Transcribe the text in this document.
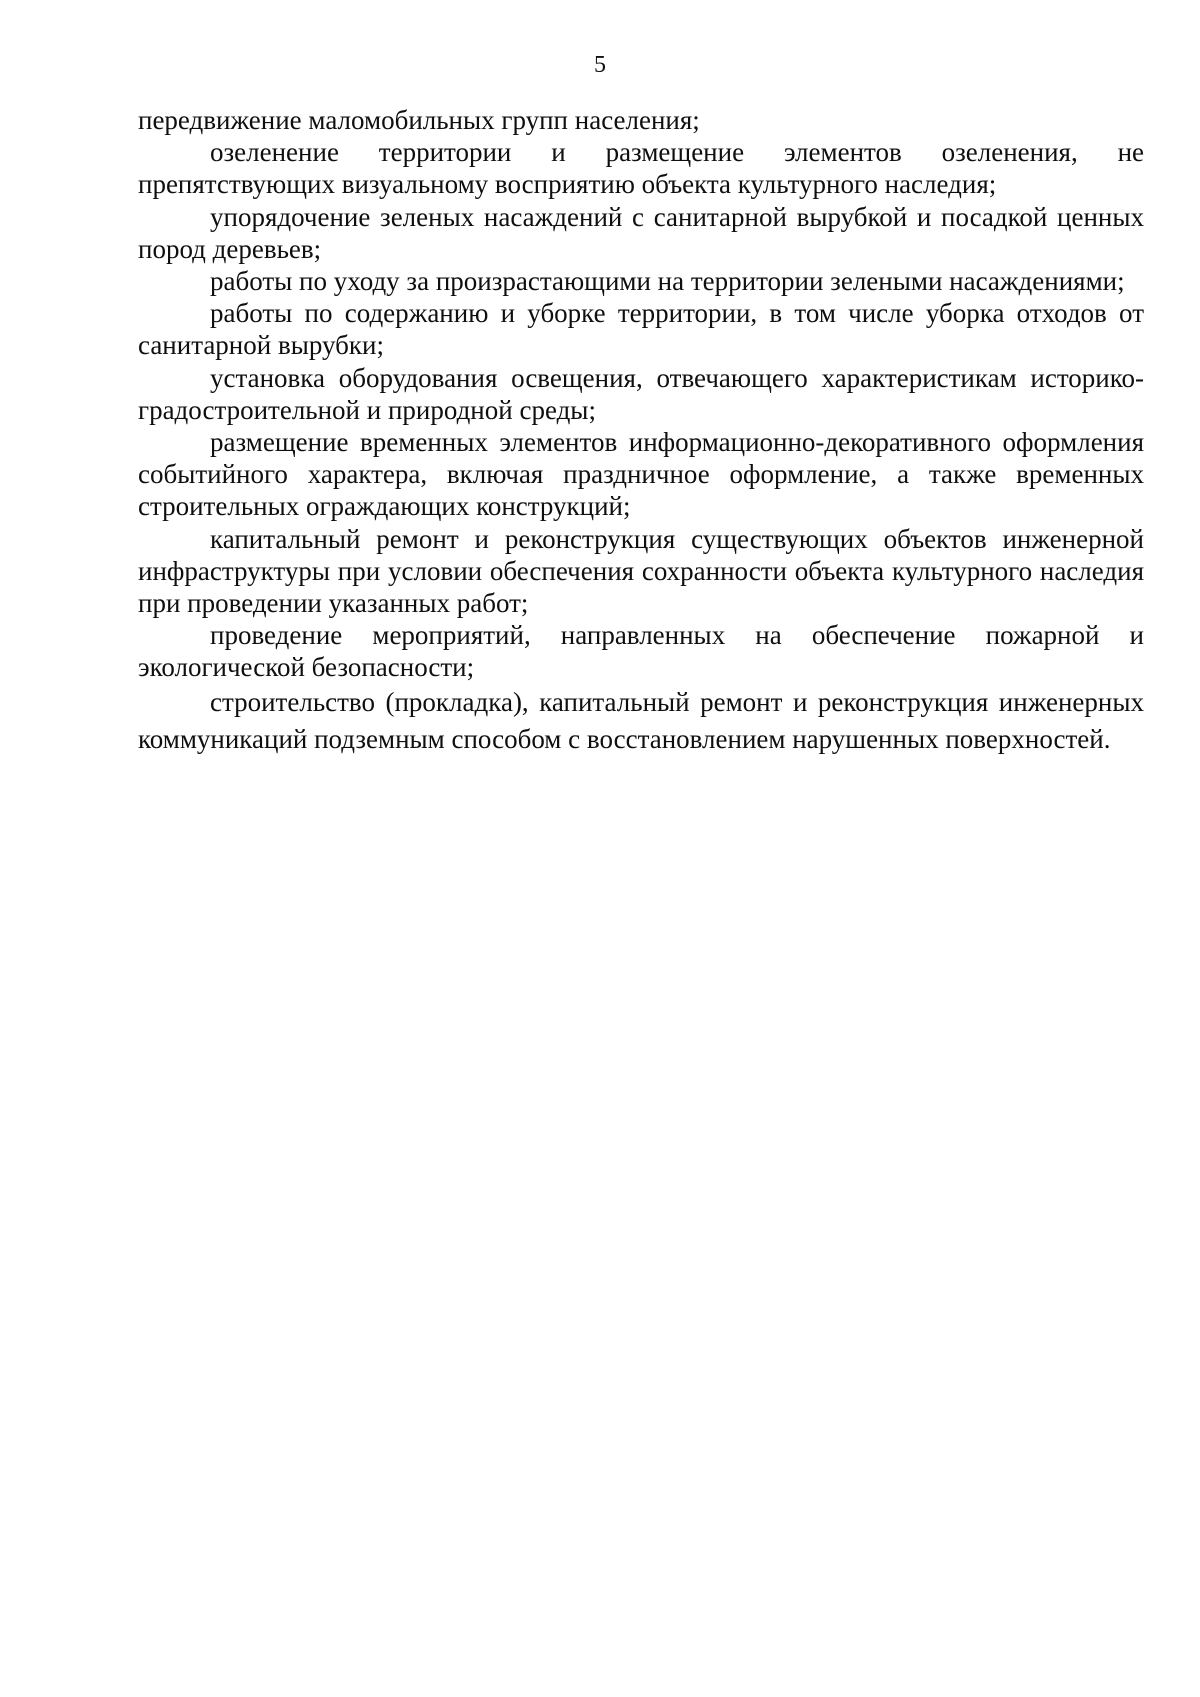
5

передвижение маломобильных групп населения;

озеленение территории и размещение элементов озеленения, не препятствующих визуальному восприятию объекта культурного наследия;

упорядочение зеленых насаждений с санитарной вырубкой и посадкой ценных пород деревьев;

работы по уходу за произрастающими на территории зелеными насаждениями;

работы по содержанию и уборке территории, в том числе уборка отходов от санитарной вырубки;

установка оборудования освещения, отвечающего характеристикам историко-градостроительной и природной среды;

размещение временных элементов информационно-декоративного оформления событийного характера, включая праздничное оформление, а также временных строительных ограждающих конструкций;

капитальный ремонт и реконструкция существующих объектов инженерной инфраструктуры при условии обеспечения сохранности объекта культурного наследия при проведении указанных работ;

проведение мероприятий, направленных на обеспечение пожарной и экологической безопасности;

строительство (прокладка), капитальный ремонт и реконструкция инженерных коммуникаций подземным способом с восстановлением нарушенных поверхностей.
